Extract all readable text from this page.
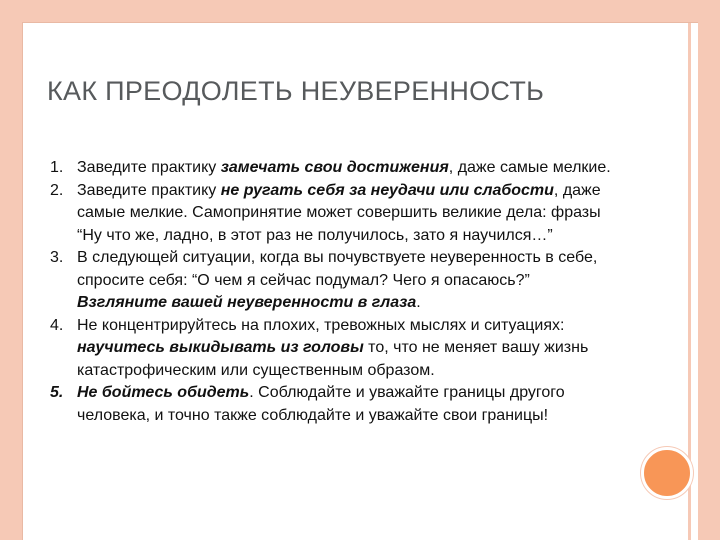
КАК ПРЕОДОЛЕТЬ НЕУВЕРЕННОСТЬ
1. Заведите практику замечать свои достижения, даже самые мелкие.
2. Заведите практику не ругать себя за неудачи или слабости, даже самые мелкие. Самопринятие может совершить великие дела: фразы “Ну что же, ладно, в этот раз не получилось, зато я научился…”
3. В следующей ситуации, когда вы почувствуете неуверенность в себе, спросите себя: “О чем я сейчас подумал? Чего я опасаюсь?” Взгляните вашей неуверенности в глаза.
4. Не концентрируйтесь на плохих, тревожных мыслях и ситуациях: научитесь выкидывать из головы то, что не меняет вашу жизнь катастрофическим или существенным образом.
5. Не бойтесь обидеть. Соблюдайте и уважайте границы другого человека, и точно также соблюдайте и уважайте свои границы!
